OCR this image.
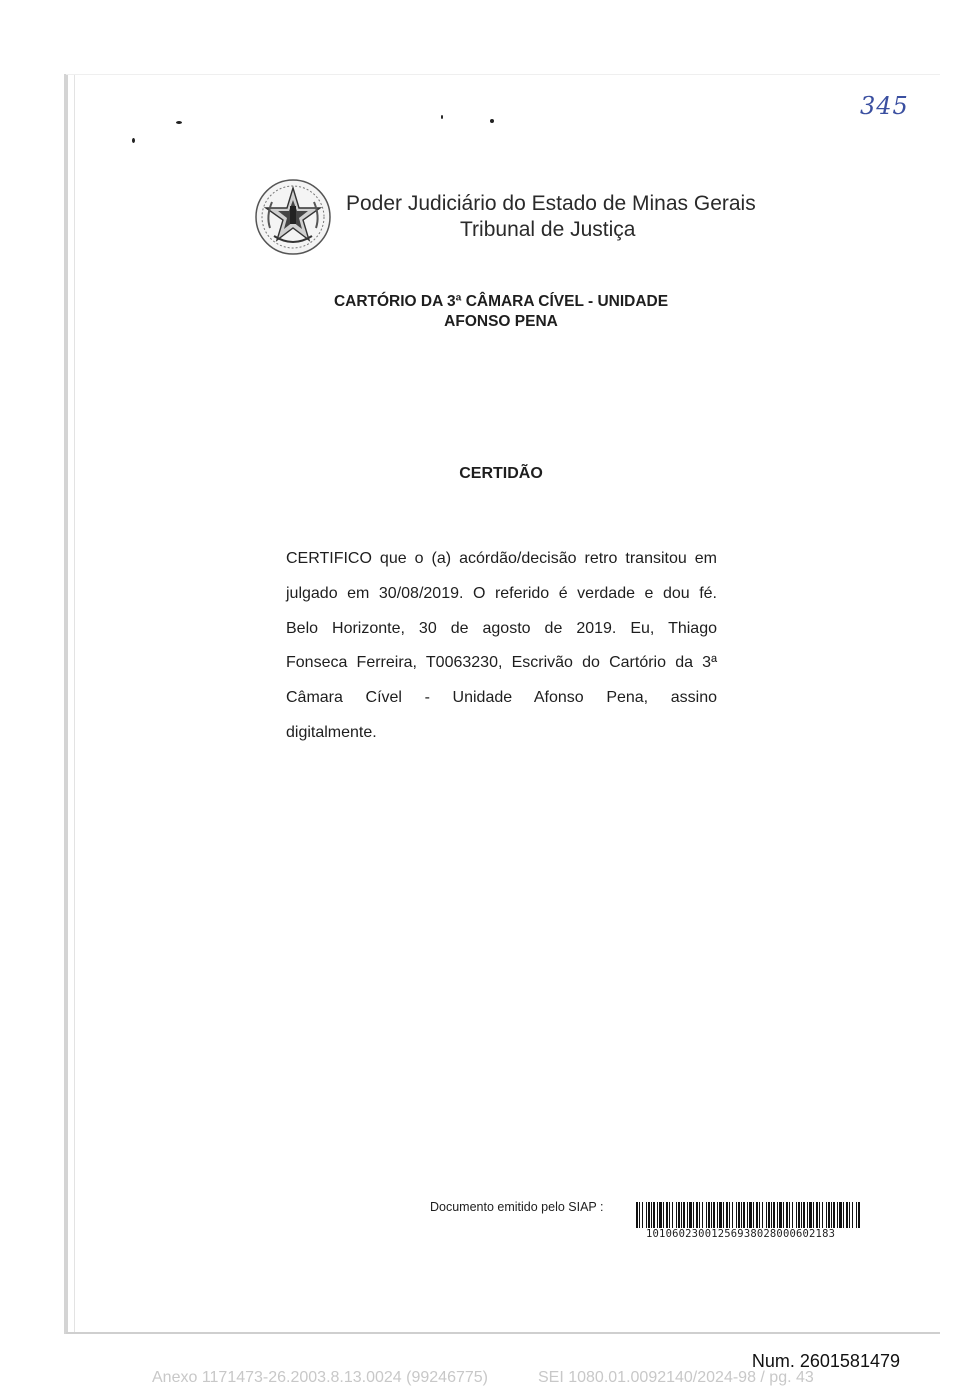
345
Poder Judiciário do Estado de Minas Gerais
Tribunal de Justiça
CARTÓRIO DA 3ª CÂMARA CÍVEL - UNIDADE
AFONSO PENA
CERTIDÃO
CERTIFICO que o (a) acórdão/decisão retro transitou em
julgado em 30/08/2019. O referido é verdade e dou fé.
Belo Horizonte, 30 de agosto de 2019. Eu, Thiago
Fonseca Ferreira, T0063230, Escrivão do Cartório da 3ª
Câmara Cível - Unidade Afonso Pena, assino
digitalmente.
Documento emitido pelo SIAP :
10106023001256938028000602183
Num. 2601581479
Anexo 1171473-26.2003.8.13.0024 (99246775)	SEI 1080.01.0092140/2024-98 / pg. 43
